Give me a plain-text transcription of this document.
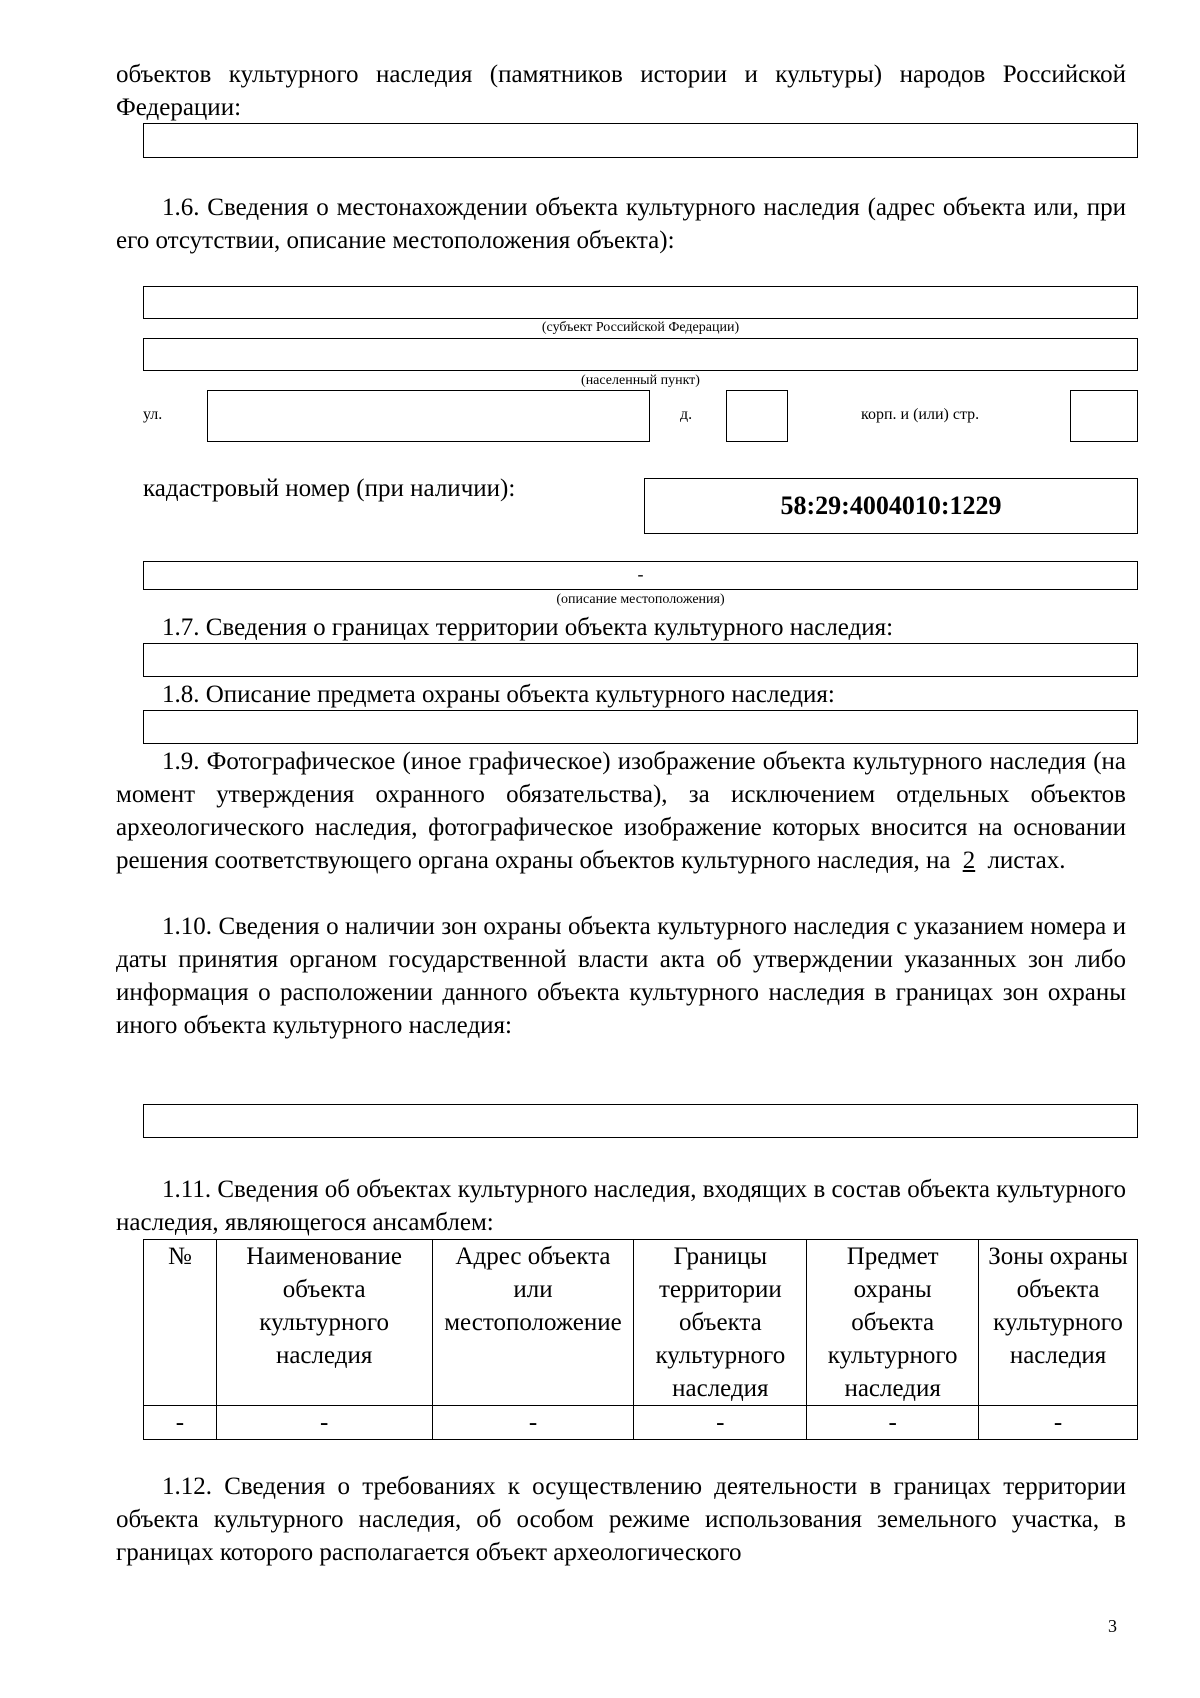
объектов культурного наследия (памятников истории и культуры) народов Российской Федерации:
1.6. Сведения о местонахождении объекта культурного наследия (адрес объекта или, при его отсутствии, описание местоположения объекта):
(субъект Российской Федерации)
(населенный пункт)
ул.	д.	корп. и (или) стр.
кадастровый номер (при наличии):
58:29:4004010:1229
-
(описание местоположения)
1.7. Сведения о границах территории объекта культурного наследия:
1.8. Описание предмета охраны объекта культурного наследия:
1.9. Фотографическое (иное графическое) изображение объекта культурного наследия (на момент утверждения охранного обязательства), за исключением отдельных объектов археологического наследия, фотографическое изображение которых вносится на основании решения соответствующего органа охраны объектов культурного наследия, на 2 листах.
1.10. Сведения о наличии зон охраны объекта культурного наследия с указанием номера и даты принятия органом государственной власти акта об утверждении указанных зон либо информация о расположении данного объекта культурного наследия в границах зон охраны иного объекта культурного наследия:
1.11. Сведения об объектах культурного наследия, входящих в состав объекта культурного наследия, являющегося ансамблем:
№	Наименование объекта культурного наследия	Адрес объекта или местоположение	Границы территории объекта культурного наследия	Предмет охраны объекта культурного наследия	Зоны охраны объекта культурного наследия
-	-	-	-	-	-
1.12. Сведения о требованиях к осуществлению деятельности в границах территории объекта культурного наследия, об особом режиме использования земельного участка, в границах которого располагается объект археологического
3
